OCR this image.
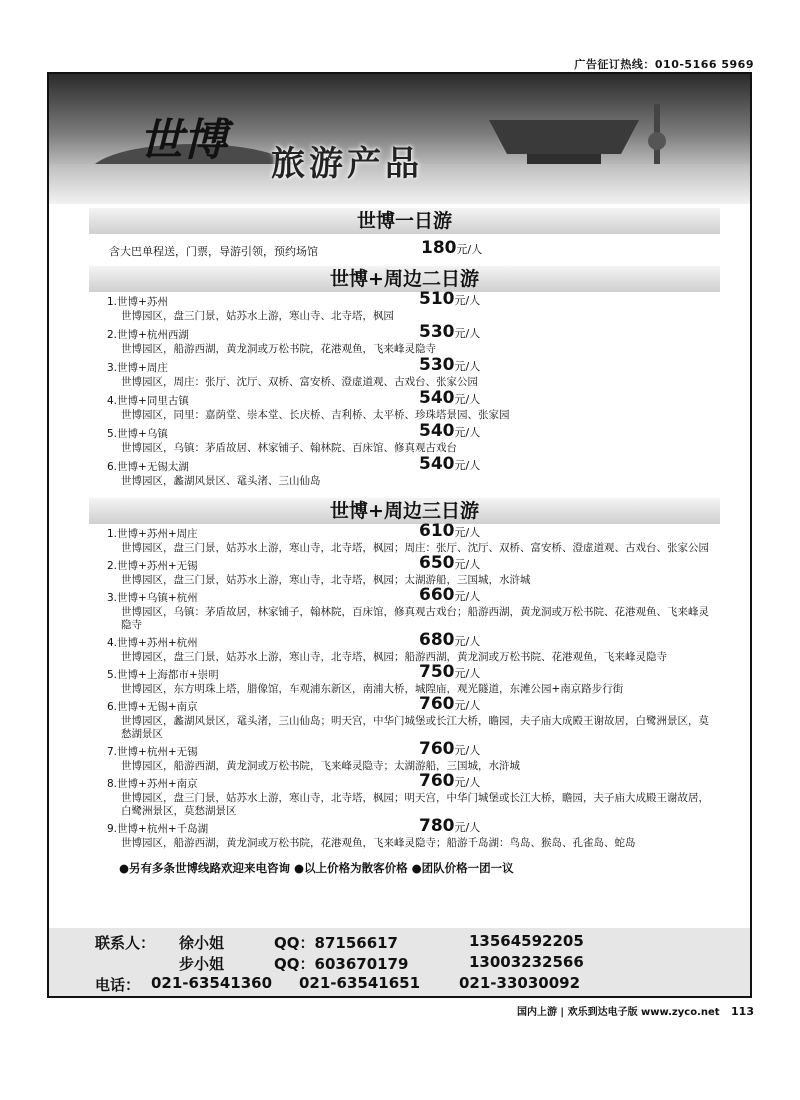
广告征订热线：010-5166 5969
世博 旅游产品
世博一日游
含大巴单程送，门票，导游引领，预约场馆	180元/人
世博+周边二日游
1.世博+苏州	510元/人
世博园区，盘三门景，姑苏水上游，寒山寺、北寺塔，枫园
2.世博+杭州西湖	530元/人
世博园区，船游西湖，黄龙洞或万松书院，花港观鱼，飞来峰灵隐寺
3.世博+周庄	530元/人
世博园区，周庄：张厅、沈厅、双桥、富安桥、澄虚道观、古戏台、张家公园
4.世博+同里古镇	540元/人
世博园区，同里：嘉荫堂、崇本堂、长庆桥、吉利桥、太平桥、珍珠塔景园、张家园
5.世博+乌镇	540元/人
世博园区，乌镇：茅盾故居、林家铺子、翰林院、百床馆、修真观古戏台
6.世博+无锡太湖	540元/人
世博园区，蠡湖风景区、鼋头渚、三山仙岛
世博+周边三日游
1.世博+苏州+周庄	610元/人
世博园区，盘三门景，姑苏水上游，寒山寺，北寺塔，枫园；周庄：张厅、沈厅、双桥、富安桥、澄虚道观、古戏台、张家公园
2.世博+苏州+无锡	650元/人
世博园区，盘三门景，姑苏水上游，寒山寺，北寺塔，枫园；太湖游船，三国城，水浒城
3.世博+乌镇+杭州	660元/人
世博园区，乌镇：茅盾故居，林家铺子，翰林院，百床馆，修真观古戏台；船游西湖，黄龙洞或万松书院、花港观鱼、飞来峰灵隐寺
4.世博+苏州+杭州	680元/人
世博园区，盘三门景，姑苏水上游，寒山寺，北寺塔，枫园；船游西湖，黄龙洞或万松书院、花港观鱼，飞来峰灵隐寺
5.世博+上海都市+崇明	750元/人
世博园区，东方明珠上塔，腊像馆，车观浦东新区，南浦大桥，城隍庙，观光隧道，东滩公园+南京路步行街
6.世博+无锡+南京	760元/人
世博园区，蠡湖风景区，鼋头渚，三山仙岛；明天宫，中华门城堡或长江大桥，瞻园，夫子庙大成殿王谢故居，白鹭洲景区，莫愁湖景区
7.世博+杭州+无锡	760元/人
世博园区，船游西湖，黄龙洞或万松书院，飞来峰灵隐寺；太湖游船，三国城，水浒城
8.世博+苏州+南京	760元/人
世博园区，盘三门景，姑苏水上游，寒山寺，北寺塔，枫园；明天宫，中华门城堡或长江大桥，瞻园，夫子庙大成殿王谢故居，白鹭洲景区，莫愁湖景区
9.世博+杭州+千岛湖	780元/人
世博园区，船游西湖，黄龙洞或万松书院，花港观鱼，飞来峰灵隐寺；船游千岛湖：鸟岛、猴岛、孔雀岛、蛇岛
●另有多条世博线路欢迎来电咨询 ●以上价格为散客价格 ●团队价格一团一议
联系人： 徐小姐	QQ：87156617	13564592205
步小姐	QQ：603670179	13003232566
电话： 021-63541360 021-63541651	021-33030092
国内上游 | 欢乐到达电子版 www.zyco.net 113
